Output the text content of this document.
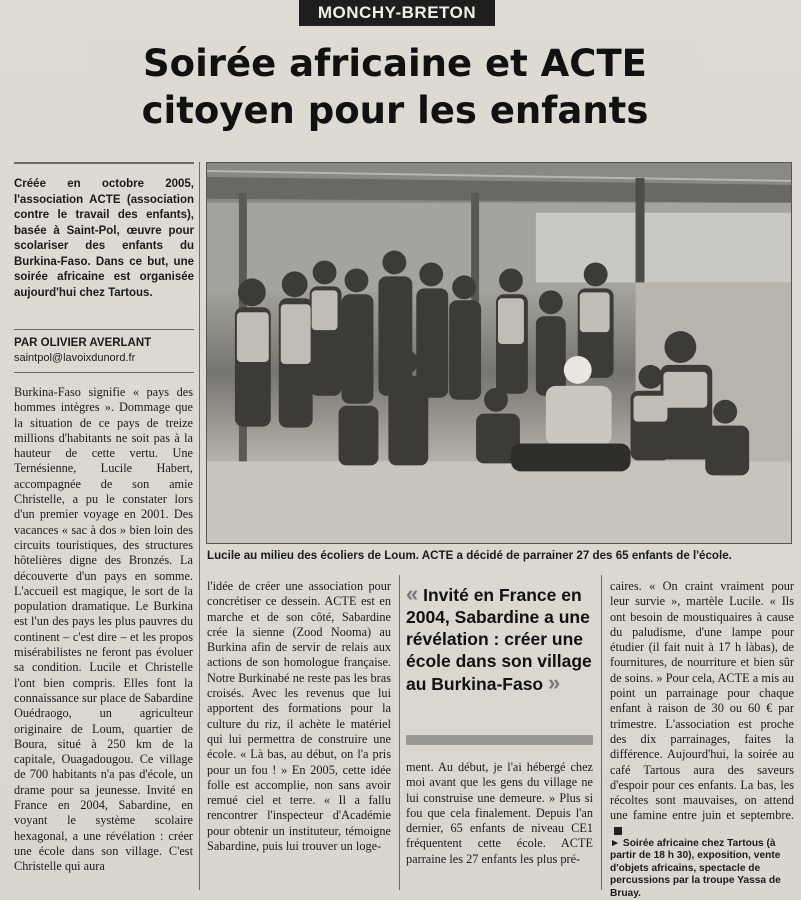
MONCHY-BRETON
Soirée africaine et ACTE
citoyen pour les enfants
Créée en octobre 2005, l'association ACTE (association contre le travail des enfants), basée à Saint-Pol, œuvre pour scolariser des enfants du Burkina-Faso. Dans ce but, une soirée africaine est organisée aujourd'hui chez Tartous.
PAR OLIVIER AVERLANT
saintpol@lavoixdunord.fr
Lucile au milieu des écoliers de Loum. ACTE a décidé de parrainer 27 des 65 enfants de l'école.

Burkina-Faso signifie « pays des hommes intègres ». Dommage que la situation de ce pays de treize millions d'habitants ne soit pas à la hauteur de cette vertu. Une Ternésienne, Lucile Habert, accompagnée de son amie Christelle, a pu le constater lors d'un premier voyage en 2001. Des vacances « sac à dos » bien loin des circuits touristiques, des structures hôtelières digne des Bronzés. La découverte d'un pays en somme. L'accueil est magique, le sort de la population dramatique. Le Burkina est l'un des pays les plus pauvres du continent – c'est dire – et les propos misérabilistes ne feront pas évoluer sa condition. Lucile et Christelle l'ont bien compris. Elles font la connaissance sur place de Sabardine Ouédraogo, un agriculteur originaire de Loum, quartier de Boura, situé à 250 km de la capitale, Ouagadougou. Ce village de 700 habitants n'a pas d'école, un drame pour sa jeunesse. Invité en France en 2004, Sabardine, en voyant le système scolaire hexagonal, a une révélation : créer une école dans son village. C'est Christelle qui aura

l'idée de créer une association pour concrétiser ce dessein. ACTE est en marche et de son côté, Sabardine crée la sienne (Zood Nooma) au Burkina afin de servir de relais aux actions de son homologue française. Notre Burkinabé ne reste pas les bras croisés. Avec les revenus que lui apportent des formations pour la culture du riz, il achète le matériel qui lui permettra de construire une école. « Là bas, au début, on l'a pris pour un fou ! » En 2005, cette idée folle est accomplie, non sans avoir remué ciel et terre. « Il a fallu rencontrer l'inspecteur d'Académie pour obtenir un instituteur, témoigne Sabardine, puis lui trouver un loge-

« Invité en France en 2004, Sabardine a une révélation : créer une école dans son village au Burkina-Faso »

ment. Au début, je l'ai hébergé chez moi avant que les gens du village ne lui construise une demeure. » Plus si fou que cela finalement. Depuis l'an dernier, 65 enfants de niveau CE1 fréquentent cette école. ACTE parraine les 27 enfants les plus pré-

caires. « On craint vraiment pour leur survie », martèle Lucile. « Ils ont besoin de moustiquaires à cause du paludisme, d'une lampe pour étudier (il fait nuit à 17 h làbas), de fournitures, de nourriture et bien sûr de soins. » Pour cela, ACTE a mis au point un parrainage pour chaque enfant à raison de 30 ou 60 € par trimestre. L'association est proche des dix parrainages, faites la différence. Aujourd'hui, la soirée au café Tartous aura des saveurs d'espoir pour ces enfants. La bas, les récoltes sont mauvaises, on attend une famine entre juin et septembre.

► Soirée africaine chez Tartous (à partir de 18 h 30), exposition, vente d'objets africains, spectacle de percussions par la troupe Yassa de Bruay.
